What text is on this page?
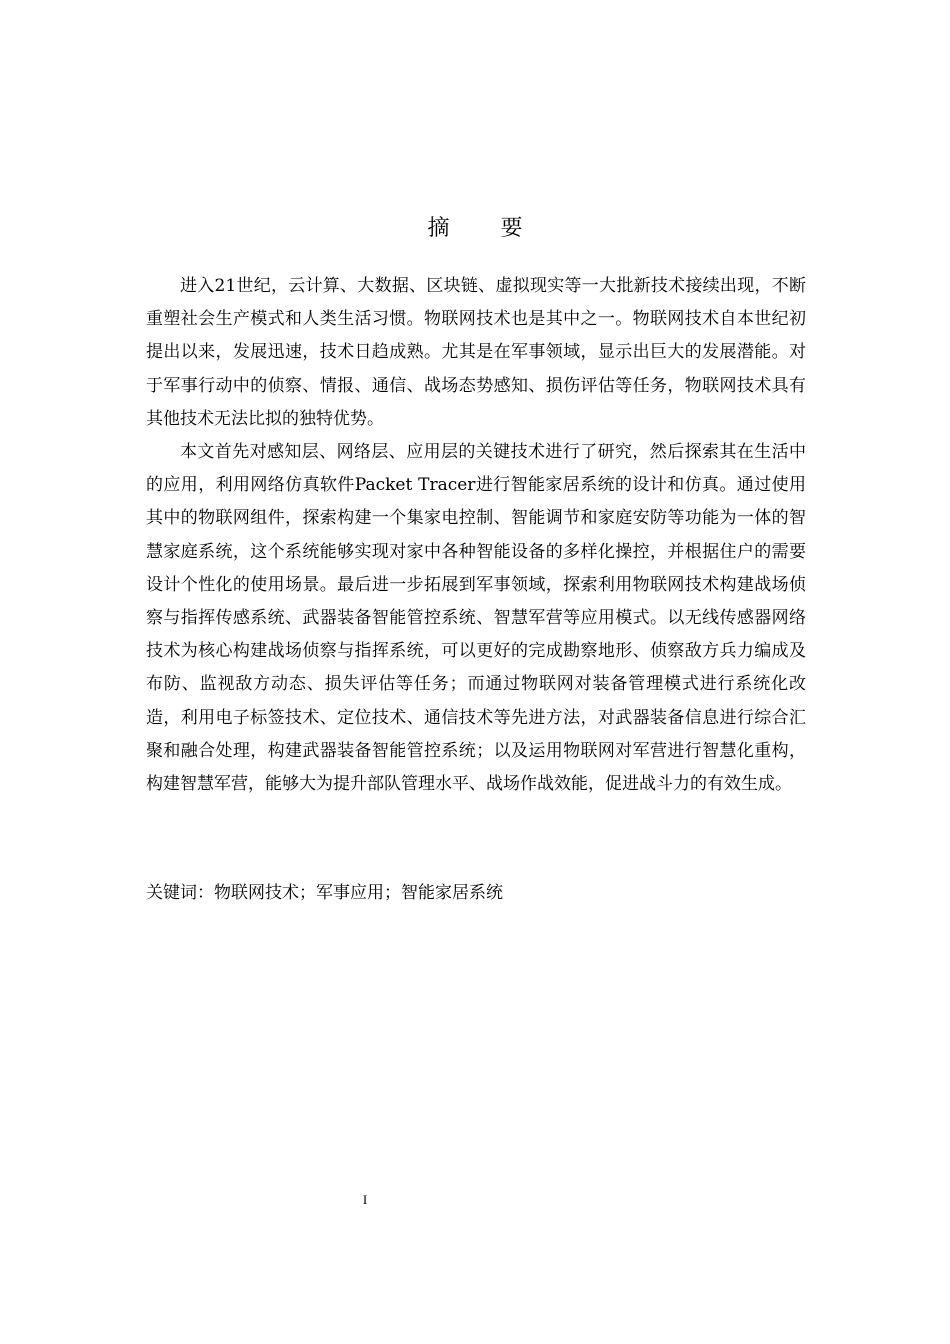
摘 要

进入21世纪，云计算、大数据、区块链、虚拟现实等一大批新技术接续出现，不断重塑社会生产模式和人类生活习惯。物联网技术也是其中之一。物联网技术自本世纪初提出以来，发展迅速，技术日趋成熟。尤其是在军事领域，显示出巨大的发展潜能。对于军事行动中的侦察、情报、通信、战场态势感知、损伤评估等任务，物联网技术具有其他技术无法比拟的独特优势。

本文首先对感知层、网络层、应用层的关键技术进行了研究，然后探索其在生活中的应用，利用网络仿真软件Packet Tracer进行智能家居系统的设计和仿真。通过使用其中的物联网组件，探索构建一个集家电控制、智能调节和家庭安防等功能为一体的智慧家庭系统，这个系统能够实现对家中各种智能设备的多样化操控，并根据住户的需要设计个性化的使用场景。最后进一步拓展到军事领域，探索利用物联网技术构建战场侦察与指挥传感系统、武器装备智能管控系统、智慧军营等应用模式。以无线传感器网络技术为核心构建战场侦察与指挥系统，可以更好的完成勘察地形、侦察敌方兵力编成及布防、监视敌方动态、损失评估等任务；而通过物联网对装备管理模式进行系统化改造，利用电子标签技术、定位技术、通信技术等先进方法，对武器装备信息进行综合汇聚和融合处理，构建武器装备智能管控系统；以及运用物联网对军营进行智慧化重构，构建智慧军营，能够大为提升部队管理水平、战场作战效能，促进战斗力的有效生成。

关键词：物联网技术；军事应用；智能家居系统
I
